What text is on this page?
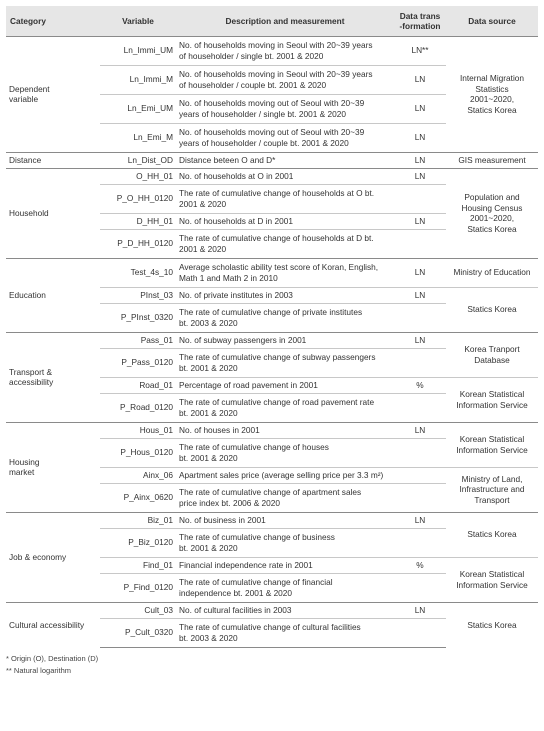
Category	Variable	Description and measurement	Data trans
-formation	Data source
Dependent
variable	Ln_Immi_UM	No. of households moving in Seoul with 20~39 years
of householder / single bt. 2001 & 2020	LN**	Internal Migration
Statistics
2001~2020,
Statics Korea
	Ln_Immi_M	No. of households moving in Seoul with 20~39 years
of householder / couple bt. 2001 & 2020	LN	
	Ln_Emi_UM	No. of households moving out of Seoul with 20~39
years of householder / single bt. 2001 & 2020	LN	
	Ln_Emi_M	No. of households moving out of Seoul with 20~39
years of householder / couple bt. 2001 & 2020	LN	
Distance	Ln_Dist_OD	Distance beteen O and D*	LN	GIS measurement
Household	O_HH_01	No. of households at O in 2001	LN	Population and
Housing Census
2001~2020,
Statics Korea
	P_O_HH_0120	The rate of cumulative change of households at O bt.
2001 & 2020		
	D_HH_01	No. of households at D in 2001	LN	
	P_D_HH_0120	The rate of cumulative change of households at D bt.
2001 & 2020		
Education	Test_4s_10	Average scholastic ability test score of Koran, English,
Math 1 and Math 2 in 2010	LN	Ministry of Education
	PInst_03	No. of private institutes in 2003	LN	Statics Korea
	P_PInst_0320	The rate of cumulative change of private institutes
bt. 2003 & 2020		
Transport &
accessibility	Pass_01	No. of subway passengers in 2001	LN	Korea Tranport
Database
	P_Pass_0120	The rate of cumulative change of subway passengers
bt. 2001 & 2020		
	Road_01	Percentage of road pavement in 2001	%	Korean Statistical
Information Service
	P_Road_0120	The rate of cumulative change of road pavement rate
bt. 2001 & 2020		
Housing
market	Hous_01	No. of houses in 2001	LN	Korean Statistical
Information Service
	P_Hous_0120	The rate of cumulative change of houses
bt. 2001 & 2020		
	Ainx_06	Apartment sales price (average selling price per 3.3 m²)		Ministry of Land,
Infrastructure and
Transport
	P_Ainx_0620	The rate of cumulative change of apartment sales
price index bt. 2006 & 2020		
Job & economy	Biz_01	No. of business in 2001	LN	Statics Korea
	P_Biz_0120	The rate of cumulative change of business
bt. 2001 & 2020		
	Find_01	Financial independence rate in 2001	%	Korean Statistical
Information Service
	P_Find_0120	The rate of cumulative change of financial
independence bt. 2001 & 2020		
Cultural accessibility	Cult_03	No. of cultural facilities in 2003	LN	Statics Korea
	P_Cult_0320	The rate of cumulative change of cultural facilities
bt. 2003 & 2020		
* Origin (O), Destination (D)
** Natural logarithm
